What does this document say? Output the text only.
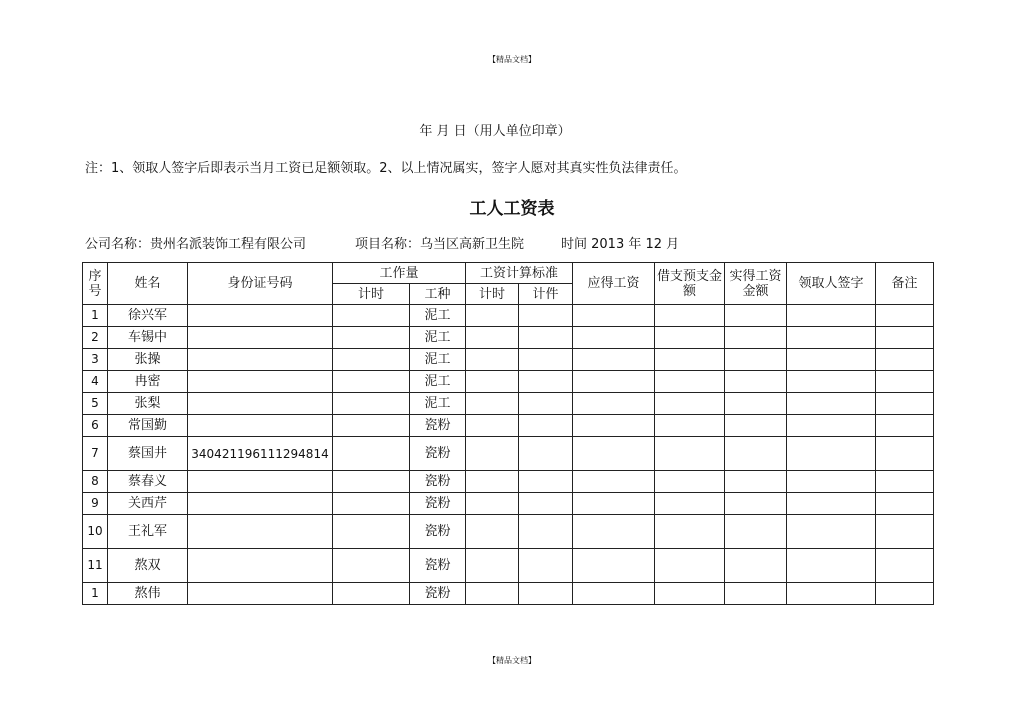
【精品文档】
年 月 日（用人单位印章）
注：1、领取人签字后即表示当月工资已足额领取。2、以上情况属实，签字人愿对其真实性负法律责任。
工人工资表
公司名称：贵州名派装饰工程有限公司	项目名称：乌当区高新卫生院	时间 2013 年 12 月
序号	姓名	身份证号码	工作量		工资计算标准		应得工资	借支预支金额	实得工资金额	领取人签字	备注
			计时	工种	计时	计件					
1	徐兴军			泥工							
2	车锡中			泥工							
3	张操			泥工							
4	冉密			泥工							
5	张梨			泥工							
6	常国勤			瓷粉							
7	蔡国井	340421196111294814		瓷粉							
8	蔡春义			瓷粉							
9	关西芹			瓷粉							
10	王礼军			瓷粉							
11	熬双			瓷粉							
1	熬伟			瓷粉							
【精品文档】
